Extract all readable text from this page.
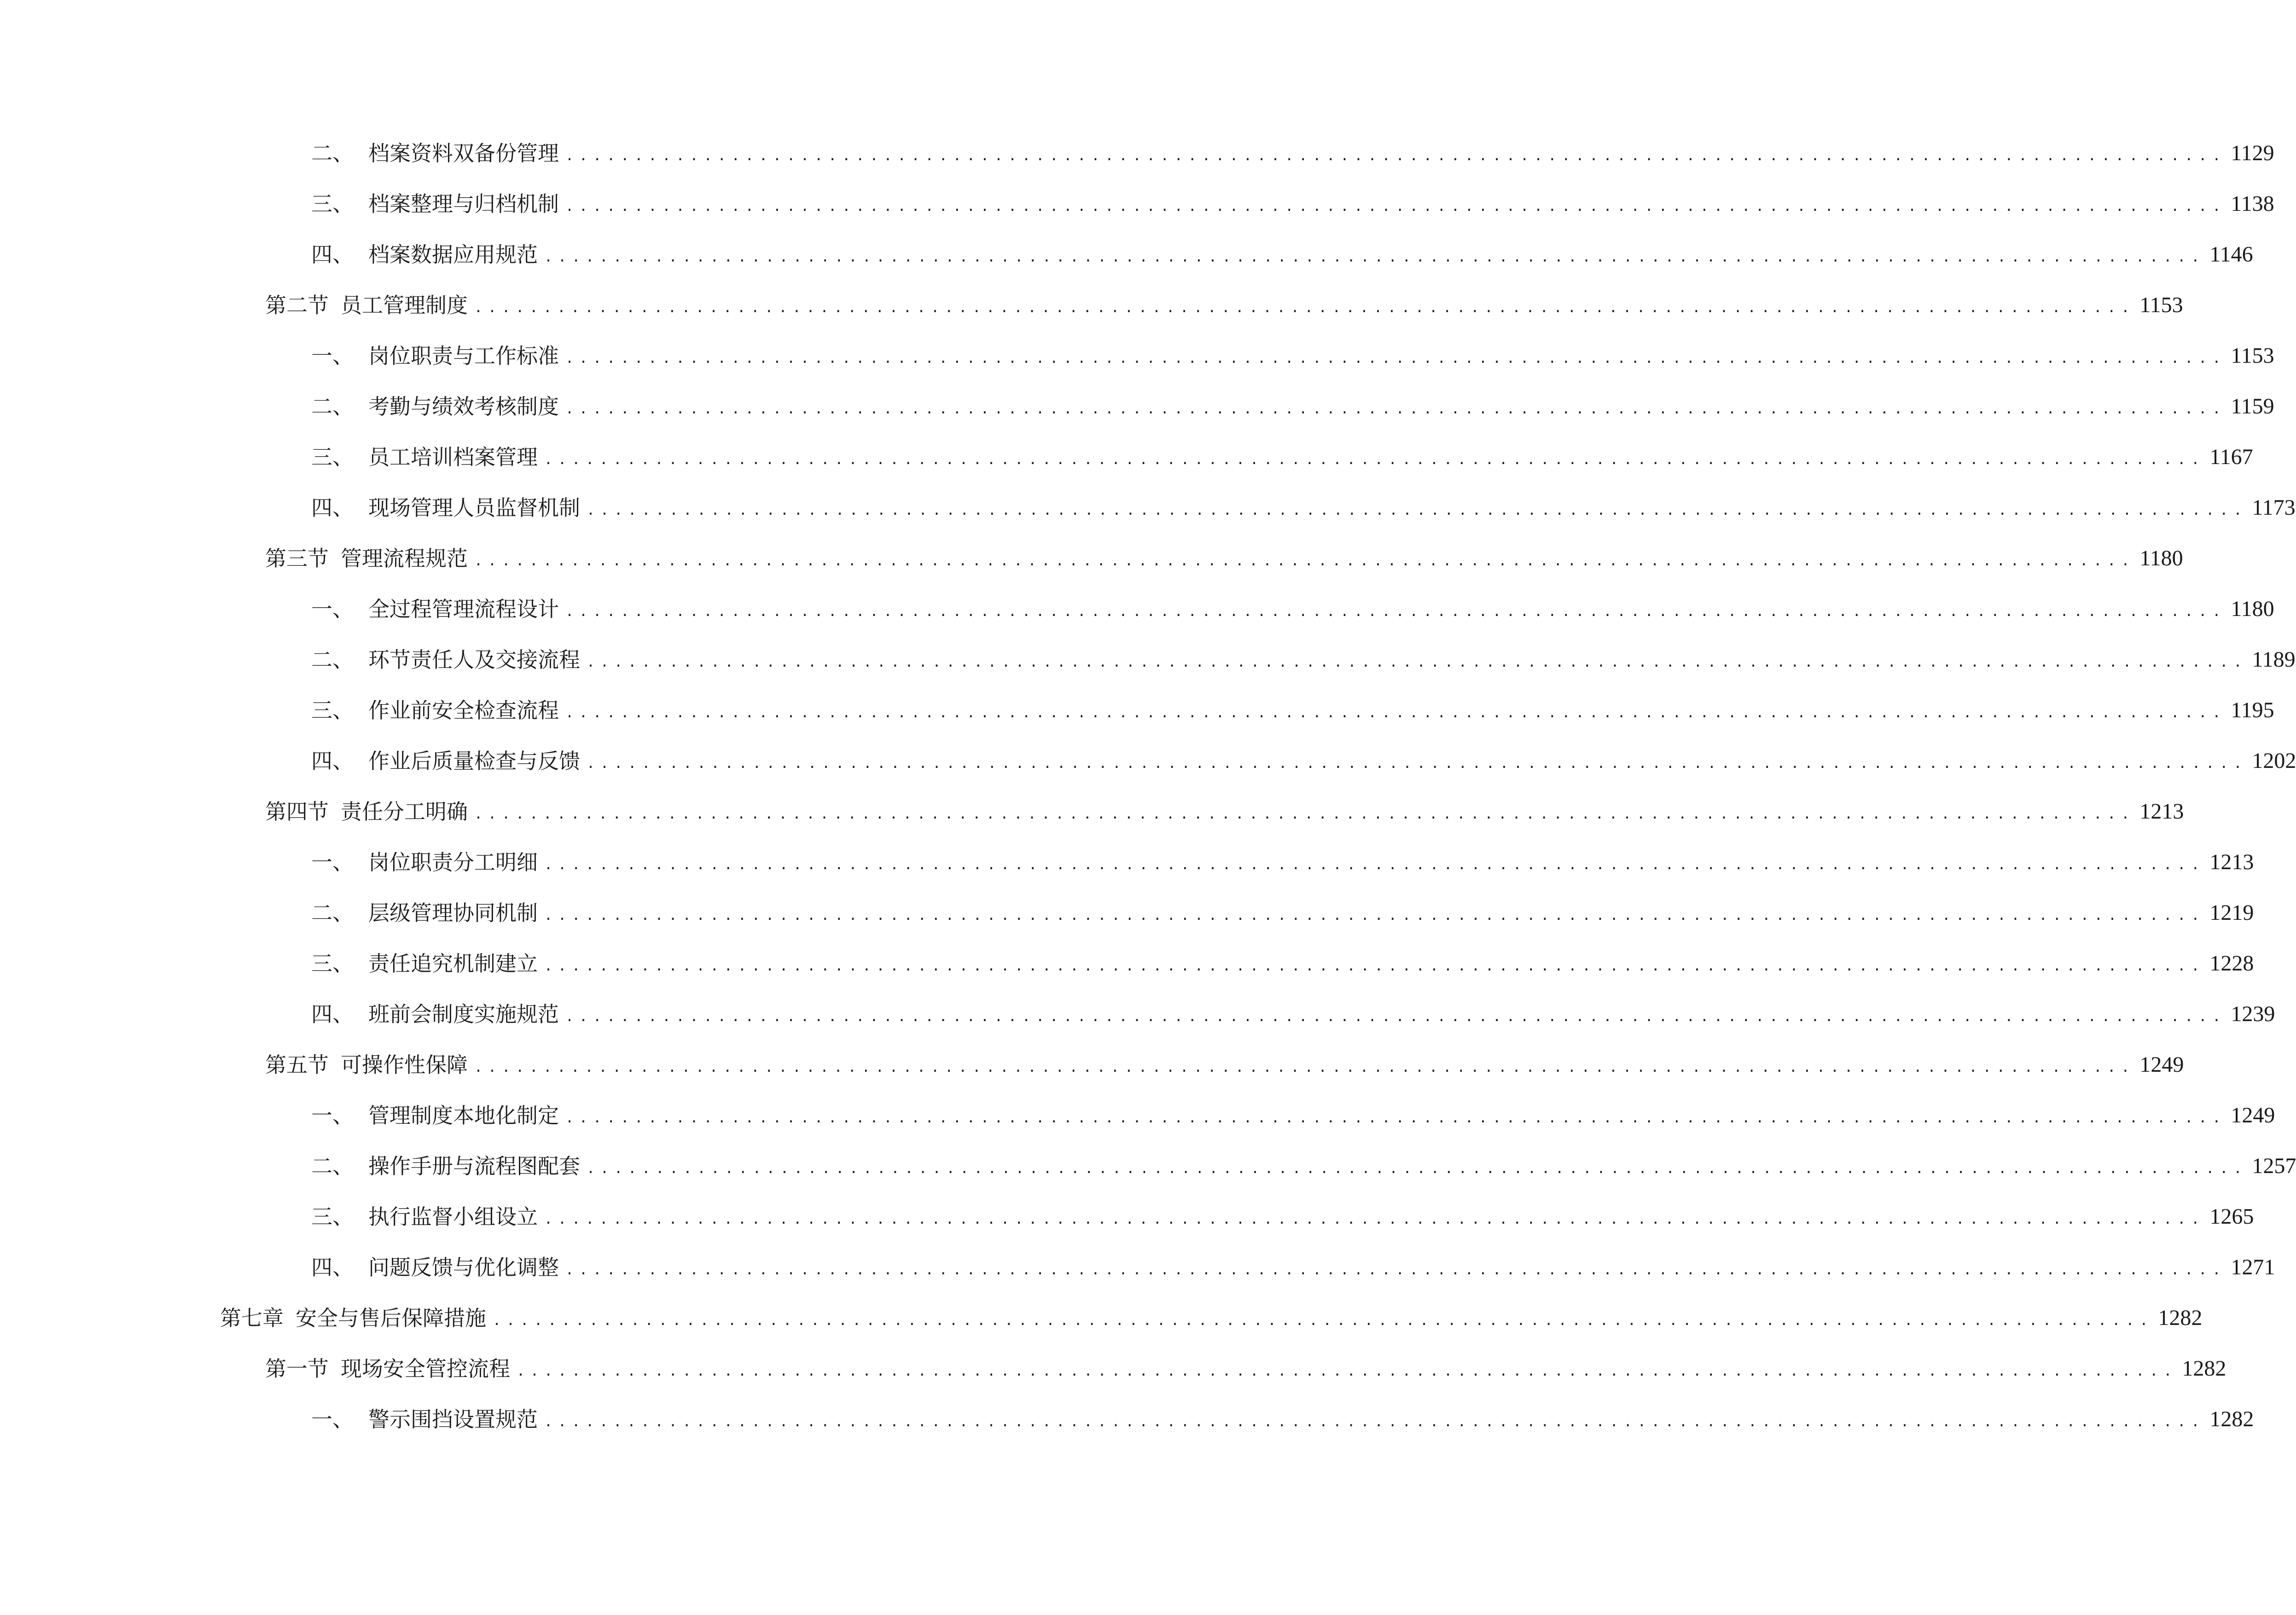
二、 档案资料双备份管理 ........................................................................................................................ 1129
三、 档案整理与归档机制 ........................................................................................................................ 1138
四、 档案数据应用规范 ........................................................................................................................ 1146
第二节 员工管理制度 ........................................................................................................................ 1153
一、 岗位职责与工作标准 ........................................................................................................................ 1153
二、 考勤与绩效考核制度 ........................................................................................................................ 1159
三、 员工培训档案管理 ........................................................................................................................ 1167
四、 现场管理人员监督机制 ........................................................................................................................ 1173
第三节 管理流程规范 ........................................................................................................................ 1180
一、 全过程管理流程设计 ........................................................................................................................ 1180
二、 环节责任人及交接流程 ........................................................................................................................ 1189
三、 作业前安全检查流程 ........................................................................................................................ 1195
四、 作业后质量检查与反馈 ........................................................................................................................ 1202
第四节 责任分工明确 ........................................................................................................................ 1213
一、 岗位职责分工明细 ........................................................................................................................ 1213
二、 层级管理协同机制 ........................................................................................................................ 1219
三、 责任追究机制建立 ........................................................................................................................ 1228
四、 班前会制度实施规范 ........................................................................................................................ 1239
第五节 可操作性保障 ........................................................................................................................ 1249
一、 管理制度本地化制定 ........................................................................................................................ 1249
二、 操作手册与流程图配套 ........................................................................................................................ 1257
三、 执行监督小组设立 ........................................................................................................................ 1265
四、 问题反馈与优化调整 ........................................................................................................................ 1271
第七章 安全与售后保障措施 ........................................................................................................................ 1282
第一节 现场安全管控流程 ........................................................................................................................ 1282
一、 警示围挡设置规范 ........................................................................................................................ 1282
